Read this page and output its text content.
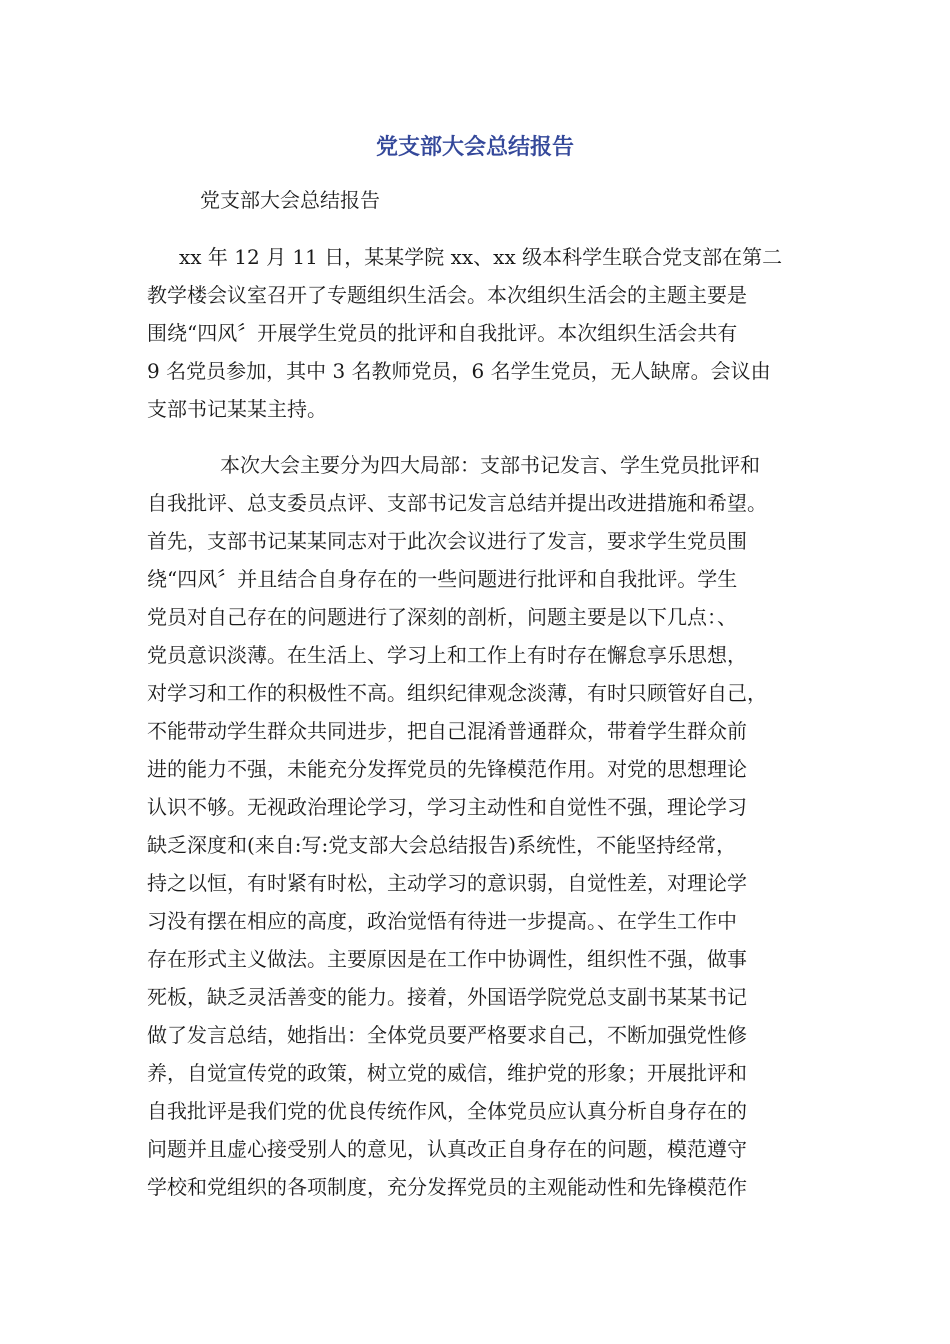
党支部大会总结报告

党支部大会总结报告

xx 年 12 月 11 日，某某学院 xx、xx 级本科学生联合党支部在第二
教学楼会议室召开了专题组织生活会。本次组织生活会的主题主要是
围绕“四风〞开展学生党员的批评和自我批评。本次组织生活会共有
9 名党员参加，其中 3 名教师党员，6 名学生党员，无人缺席。会议由
支部书记某某主持。
本次大会主要分为四大局部：支部书记发言、学生党员批评和
自我批评、总支委员点评、支部书记发言总结并提出改进措施和希望。
首先，支部书记某某同志对于此次会议进行了发言，要求学生党员围
绕“四风〞并且结合自身存在的一些问题进行批评和自我批评。学生
党员对自己存在的问题进行了深刻的剖析，问题主要是以下几点：、
党员意识淡薄。在生活上、学习上和工作上有时存在懈怠享乐思想，
对学习和工作的积极性不高。组织纪律观念淡薄，有时只顾管好自己，
不能带动学生群众共同进步，把自己混淆普通群众，带着学生群众前
进的能力不强，未能充分发挥党员的先锋模范作用。对党的思想理论
认识不够。无视政治理论学习，学习主动性和自觉性不强，理论学习
缺乏深度和(来自:写:党支部大会总结报告)系统性，不能坚持经常，
持之以恒，有时紧有时松，主动学习的意识弱，自觉性差，对理论学
习没有摆在相应的高度，政治觉悟有待进一步提高。、在学生工作中
存在形式主义做法。主要原因是在工作中协调性，组织性不强，做事
死板，缺乏灵活善变的能力。接着，外国语学院党总支副书某某书记
做了发言总结，她指出：全体党员要严格要求自己，不断加强党性修
养，自觉宣传党的政策，树立党的威信，维护党的形象；开展批评和
自我批评是我们党的优良传统作风，全体党员应认真分析自身存在的
问题并且虚心接受别人的意见，认真改正自身存在的问题，模范遵守
学校和党组织的各项制度，充分发挥党员的主观能动性和先锋模范作
